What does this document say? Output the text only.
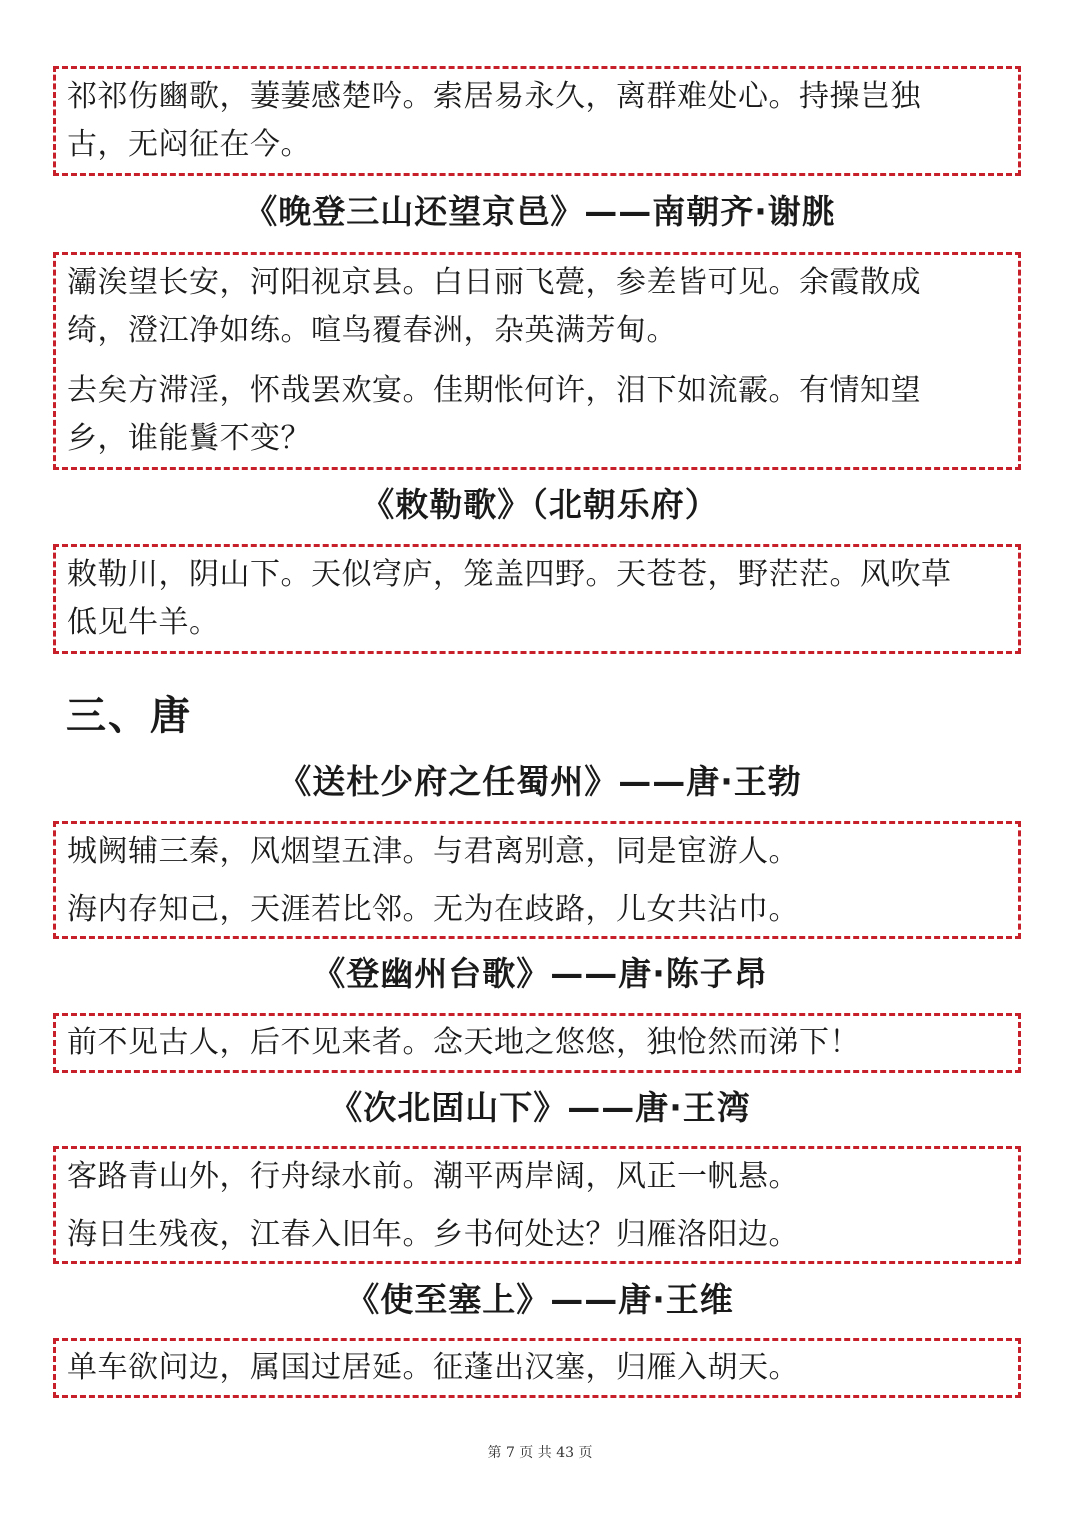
祁祁伤豳歌，萋萋感楚吟。索居易永久，离群难处心。持操岂独

古，无闷征在今。

《晚登三山还望京邑》——南朝齐·谢朓

灞涘望长安，河阳视京县。白日丽飞甍，参差皆可见。余霞散成

绮，澄江净如练。喧鸟覆春洲，杂英满芳甸。

去矣方滞淫，怀哉罢欢宴。佳期怅何许，泪下如流霰。有情知望

乡，谁能鬒不变？

《敕勒歌》（北朝乐府）

敕勒川，阴山下。天似穹庐，笼盖四野。天苍苍，野茫茫。风吹草

低见牛羊。

三、唐
《送杜少府之任蜀州》——唐·王勃

城阙辅三秦，风烟望五津。与君离别意，同是宦游人。

海内存知己，天涯若比邻。无为在歧路，儿女共沾巾。

《登幽州台歌》——唐·陈子昂

前不见古人，后不见来者。念天地之悠悠，独怆然而涕下！

《次北固山下》——唐·王湾

客路青山外，行舟绿水前。潮平两岸阔，风正一帆悬。

海日生残夜，江春入旧年。乡书何处达？归雁洛阳边。

《使至塞上》——唐·王维

单车欲问边，属国过居延。征蓬出汉塞，归雁入胡天。

第 7 页 共 43 页
